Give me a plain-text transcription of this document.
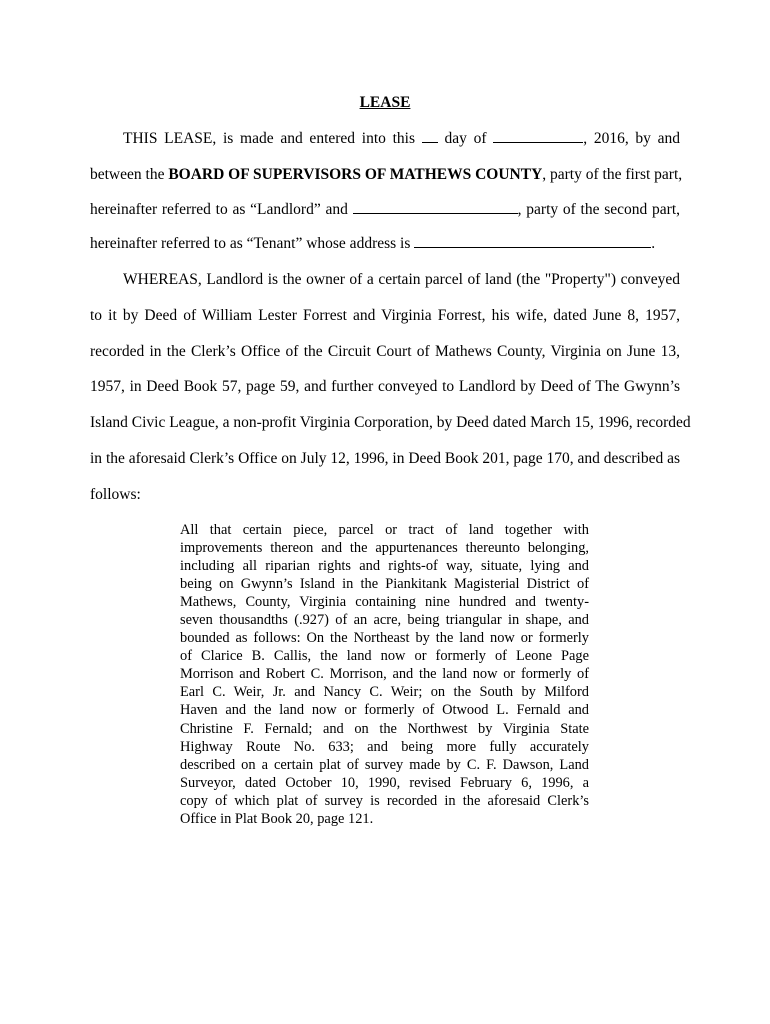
LEASE
THIS LEASE, is made and entered into this day of	, 2016, by and
between the BOARD OF SUPERVISORS OF MATHEWS COUNTY, party of the first part,
hereinafter referred to as “Landlord” and	, party of the second part,
hereinafter referred to as “Tenant” whose address is	.
WHEREAS, Landlord is the owner of a certain parcel of land (the "Property") conveyed
to it by Deed of William Lester Forrest and Virginia Forrest, his wife, dated June 8, 1957,
recorded in the Clerk’s Office of the Circuit Court of Mathews County, Virginia on June 13,
1957, in Deed Book 57, page 59, and further conveyed to Landlord by Deed of The Gwynn’s
Island Civic League, a non-profit Virginia Corporation, by Deed dated March 15, 1996, recorded
in the aforesaid Clerk’s Office on July 12, 1996, in Deed Book 201, page 170, and described as
follows:
All that certain piece, parcel or tract of land together with
improvements thereon and the appurtenances thereunto belonging,
including all riparian rights and rights-of way, situate, lying and
being on Gwynn’s Island in the Piankitank Magisterial District of
Mathews, County, Virginia containing nine hundred and twenty-
seven thousandths (.927) of an acre, being triangular in shape, and
bounded as follows: On the Northeast by the land now or formerly
of Clarice B. Callis, the land now or formerly of Leone Page
Morrison and Robert C. Morrison, and the land now or formerly of
Earl C. Weir, Jr. and Nancy C. Weir; on the South by Milford
Haven and the land now or formerly of Otwood L. Fernald and
Christine F. Fernald; and on the Northwest by Virginia State
Highway Route No. 633; and being more fully accurately
described on a certain plat of survey made by C. F. Dawson, Land
Surveyor, dated October 10, 1990, revised February 6, 1996, a
copy of which plat of survey is recorded in the aforesaid Clerk’s
Office in Plat Book 20, page 121.
